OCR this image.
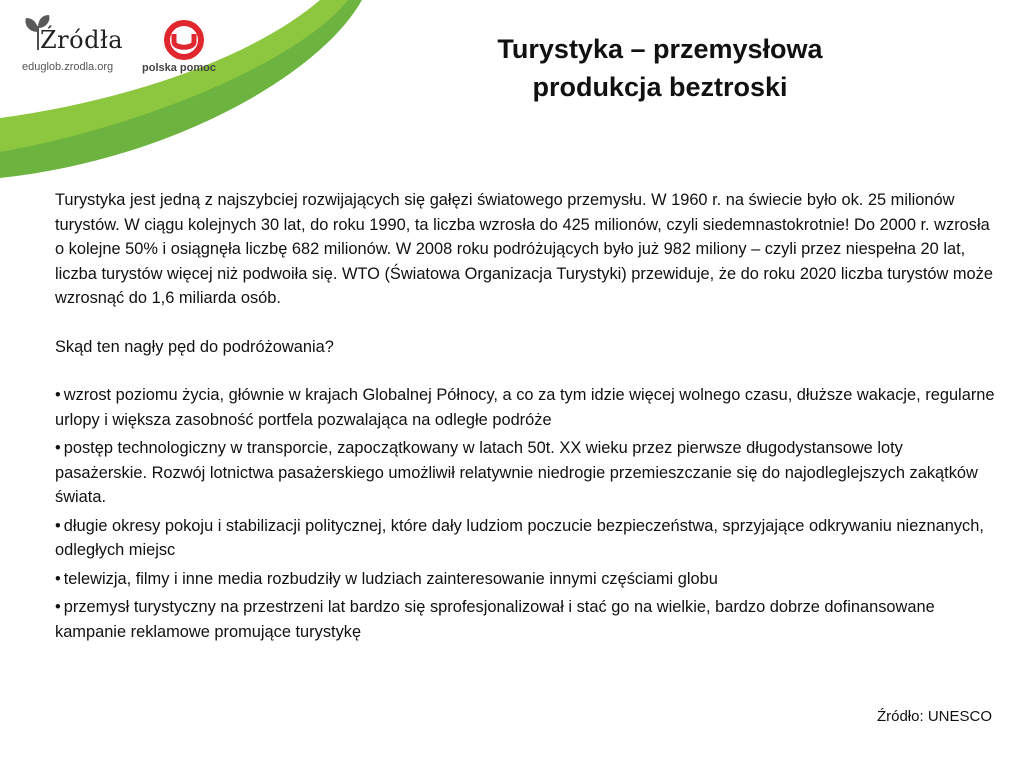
Źródła
eduglob.zrodla.org	polska pomoc
Turystyka – przemysłowa
produkcja beztroski

Turystyka jest jedną z najszybciej rozwijających się gałęzi światowego przemysłu. W 1960 r. na świecie było ok. 25 milionów turystów. W ciągu kolejnych 30 lat, do roku 1990, ta liczba wzrosła do 425 milionów, czyli siedemnastokrotnie! Do 2000 r. wzrosła o kolejne 50% i osiągnęła liczbę 682 milionów. W 2008 roku podróżujących było już 982 miliony – czyli przez niespełna 20 lat, liczba turystów więcej niż podwoiła się. WTO (Światowa Organizacja Turystyki) przewiduje, że do roku 2020 liczba turystów może wzrosnąć do 1,6 miliarda osób.

Skąd ten nagły pęd do podróżowania?

• wzrost poziomu życia, głównie w krajach Globalnej Północy, a co za tym idzie więcej wolnego czasu, dłuższe wakacje, regularne urlopy i większa zasobność portfela pozwalająca na odległe podróże

• postęp technologiczny w transporcie, zapoczątkowany w latach 50t. XX wieku przez pierwsze długodystansowe loty pasażerskie. Rozwój lotnictwa pasażerskiego umożliwił relatywnie niedrogie przemieszczanie się do najodleglejszych zakątków świata.

• długie okresy pokoju i stabilizacji politycznej, które dały ludziom poczucie bezpieczeństwa, sprzyjające odkrywaniu nieznanych, odległych miejsc

• telewizja, filmy i inne media rozbudziły w ludziach zainteresowanie innymi częściami globu

• przemysł turystyczny na przestrzeni lat bardzo się sprofesjonalizował i stać go na wielkie, bardzo dobrze dofinansowane kampanie reklamowe promujące turystykę

Źródło: UNESCO
